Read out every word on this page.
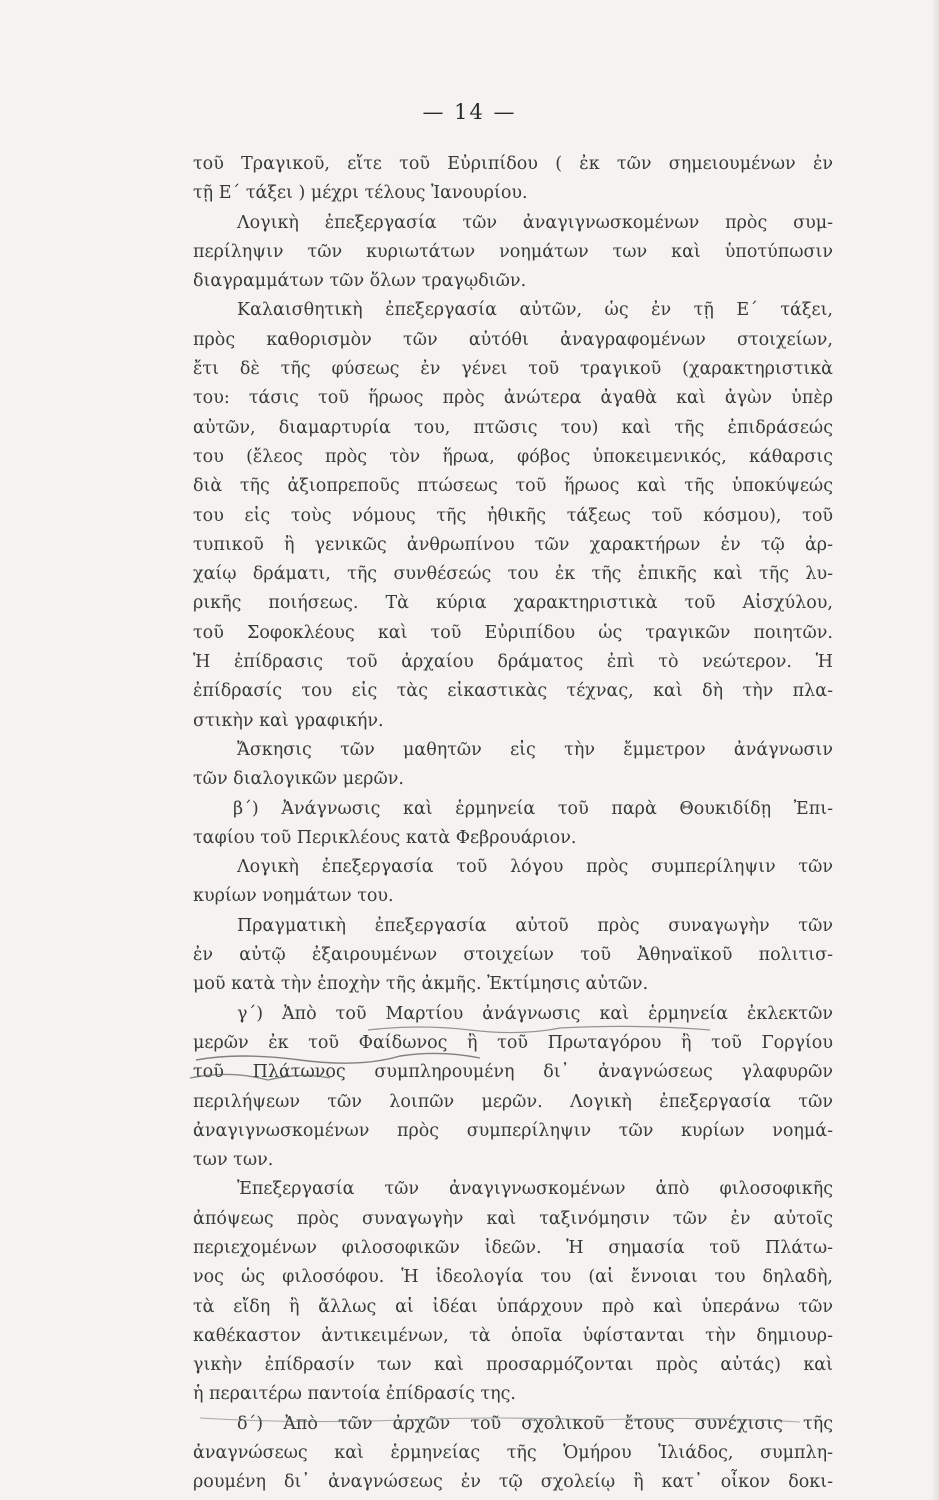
— 14 —
τοῦ Τραγικοῦ, εἴτε τοῦ Εὐριπίδου ( ἐκ τῶν σημειουμένων ἐν
τῇ Ε΄ τάξει ) μέχρι τέλους Ἰανουρίου.
Λογικὴ ἐπεξεργασία τῶν ἀναγιγνωσκομένων πρὸς συμ-
περίληψιν τῶν κυριωτάτων νοημάτων των καὶ ὑποτύπωσιν
διαγραμμάτων τῶν ὅλων τραγῳδιῶν.
Καλαισθητικὴ ἐπεξεργασία αὐτῶν, ὡς ἐν τῇ Ε΄ τάξει,
πρὸς καθορισμὸν τῶν αὐτόθι ἀναγραφομένων στοιχείων,
ἔτι δὲ τῆς φύσεως ἐν γένει τοῦ τραγικοῦ (χαρακτηριστικὰ
του: τάσις τοῦ ἥρωος πρὸς ἀνώτερα ἀγαθὰ καὶ ἀγὼν ὑπὲρ
αὐτῶν, διαμαρτυρία του, πτῶσις του) καὶ τῆς ἐπιδράσεώς
του (ἔλεος πρὸς τὸν ἥρωα, φόβος ὑποκειμενικός, κάθαρσις
διὰ τῆς ἀξιοπρεποῦς πτώσεως τοῦ ἥρωος καὶ τῆς ὑποκύψεώς
του εἰς τοὺς νόμους τῆς ἠθικῆς τάξεως τοῦ κόσμου), τοῦ
τυπικοῦ ἢ γενικῶς ἀνθρωπίνου τῶν χαρακτήρων ἐν τῷ ἀρ-
χαίῳ δράματι, τῆς συνθέσεώς του ἐκ τῆς ἐπικῆς καὶ τῆς λυ-
ρικῆς ποιήσεως. Τὰ κύρια χαρακτηριστικὰ τοῦ Αἰσχύλου,
τοῦ Σοφοκλέους καὶ τοῦ Εὐριπίδου ὡς τραγικῶν ποιητῶν.
Ἡ ἐπίδρασις τοῦ ἀρχαίου δράματος ἐπὶ τὸ νεώτερον. Ἡ
ἐπίδρασίς του εἰς τὰς εἰκαστικὰς τέχνας, καὶ δὴ τὴν πλα-
στικὴν καὶ γραφικήν.
Ἄσκησις τῶν μαθητῶν εἰς τὴν ἔμμετρον ἀνάγνωσιν
τῶν διαλογικῶν μερῶν.
β΄) Ἀνάγνωσις καὶ ἑρμηνεία τοῦ παρὰ Θουκιδίδῃ Ἐπι-
ταφίου τοῦ Περικλέους κατὰ Φεβρουάριον.
Λογικὴ ἐπεξεργασία τοῦ λόγου πρὸς συμπερίληψιν τῶν
κυρίων νοημάτων του.
Πραγματικὴ ἐπεξεργασία αὐτοῦ πρὸς συναγωγὴν τῶν
ἐν αὐτῷ ἐξαιρουμένων στοιχείων τοῦ Ἀθηναϊκοῦ πολιτισ-
μοῦ κατὰ τὴν ἐποχὴν τῆς ἀκμῆς. Ἐκτίμησις αὐτῶν.
γ΄) Ἀπὸ τοῦ Μαρτίου ἀνάγνωσις καὶ ἑρμηνεία ἐκλεκτῶν
μερῶν ἐκ τοῦ Φαίδωνος ἢ τοῦ Πρωταγόρου ἢ τοῦ Γοργίου
τοῦ Πλάτωνος συμπληρουμένη δι᾽ ἀναγνώσεως γλαφυρῶν
περιλήψεων τῶν λοιπῶν μερῶν. Λογικὴ ἐπεξεργασία τῶν
ἀναγιγνωσκομένων πρὸς συμπερίληψιν τῶν κυρίων νοημά-
των των.
Ἐπεξεργασία τῶν ἀναγιγνωσκομένων ἀπὸ φιλοσοφικῆς
ἀπόψεως πρὸς συναγωγὴν καὶ ταξινόμησιν τῶν ἐν αὐτοῖς
περιεχομένων φιλοσοφικῶν ἰδεῶν. Ἡ σημασία τοῦ Πλάτω-
νος ὡς φιλοσόφου. Ἡ ἰδεολογία του (αἱ ἔννοιαι του δηλαδὴ,
τὰ εἴδη ἢ ἄλλως αἱ ἰδέαι ὑπάρχουν πρὸ καὶ ὑπεράνω τῶν
καθέκαστον ἀντικειμένων, τὰ ὁποῖα ὑφίστανται τὴν δημιουρ-
γικὴν ἐπίδρασίν των καὶ προσαρμόζονται πρὸς αὐτάς) καὶ
ἡ περαιτέρω παντοία ἐπίδρασίς της.
δ΄) Ἀπὸ τῶν ἀρχῶν τοῦ σχολικοῦ ἔτους συνέχισις τῆς
ἀναγνώσεως καὶ ἑρμηνείας τῆς Ὁμήρου Ἰλιάδος, συμπλη-
ρουμένη δι᾽ ἀναγνώσεως ἐν τῷ σχολείῳ ἢ κατ᾽ οἶκον δοκι-
